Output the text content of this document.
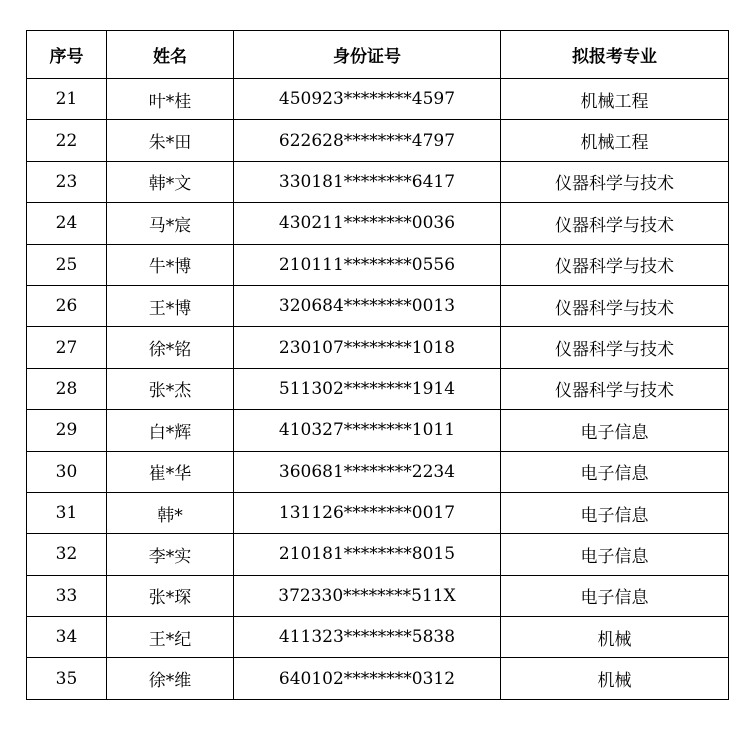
序号	姓名	身份证号	拟报考专业
21	叶*桂	450923********4597	机械工程
22	朱*田	622628********4797	机械工程
23	韩*文	330181********6417	仪器科学与技术
24	马*宸	430211********0036	仪器科学与技术
25	牛*博	210111********0556	仪器科学与技术
26	王*博	320684********0013	仪器科学与技术
27	徐*铭	230107********1018	仪器科学与技术
28	张*杰	511302********1914	仪器科学与技术
29	白*辉	410327********1011	电子信息
30	崔*华	360681********2234	电子信息
31	韩*	131126********0017	电子信息
32	李*实	210181********8015	电子信息
33	张*琛	372330********511X	电子信息
34	王*纪	411323********5838	机械
35	徐*维	640102********0312	机械
